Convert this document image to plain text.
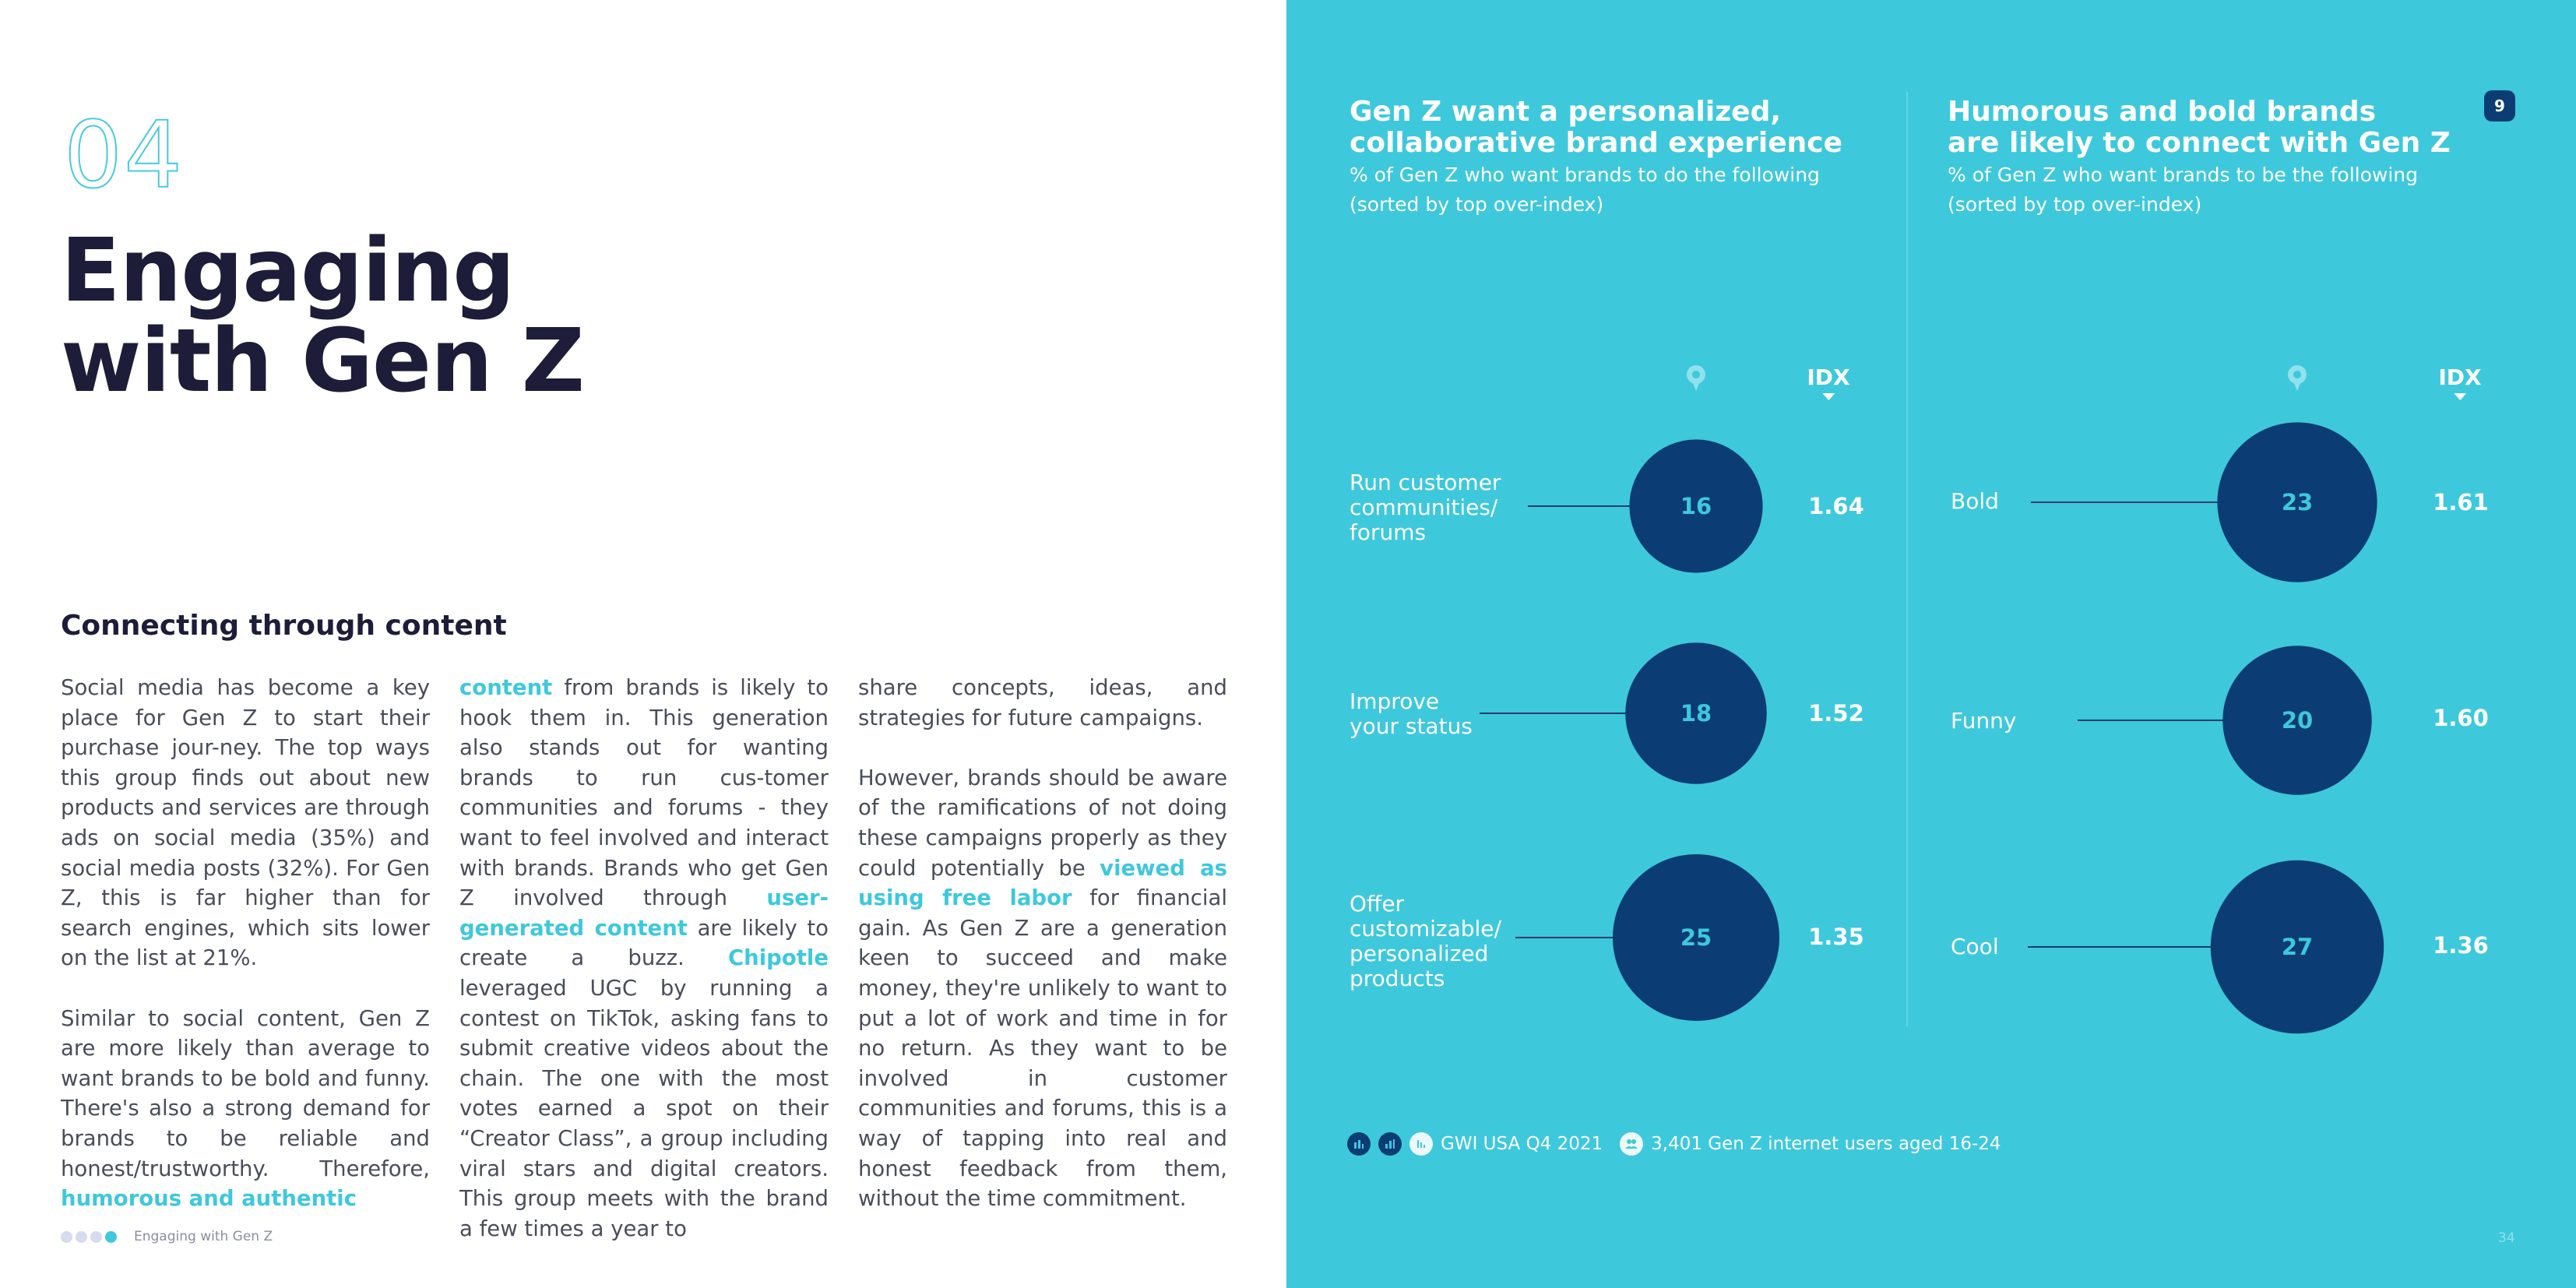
04
Engaging
with Gen Z
Connecting through content

Social media has become a key place for Gen Z to start their purchase jour-ney. The top ways this group finds out about new products and services are through ads on social media (35%) and social media posts (32%). For Gen Z, this is far higher than for search engines, which sits lower on the list at 21%.

Similar to social content, Gen Z are more likely than average to want brands to be bold and funny. There's also a strong demand for brands to be reliable and honest/trustworthy. Therefore, humorous and authentic

content from brands is likely to hook them in. This generation also stands out for wanting brands to run cus-tomer communities and forums - they want to feel involved and interact with brands. Brands who get Gen Z involved through user-generated content are likely to create a buzz. Chipotle leveraged UGC by running a contest on TikTok, asking fans to submit creative videos about the chain. The one with the most votes earned a spot on their “Creator Class”, a group including viral stars and digital creators. This group meets with the brand a few times a year to

share concepts, ideas, and strategies for future campaigns.

However, brands should be aware of the ramifications of not doing these campaigns properly as they could potentially be viewed as using free labor for financial gain. As Gen Z are a generation keen to succeed and make money, they're unlikely to want to put a lot of work and time in for no return. As they want to be involved in customer communities and forums, this is a way of tapping into real and honest feedback from them, without the time commitment.

Engaging with Gen Z
Gen Z want a personalized,
collaborative brand experience
% of Gen Z who want brands to do the following
(sorted by top over-index)
Humorous and bold brands
are likely to connect with Gen Z
% of Gen Z who want brands to be the following
(sorted by top over-index)
9
IDX	IDX
Run customer
communities/
forums
Improve
your status
Offer
customizable/
personalized
products
Bold
Funny
Cool
16
18
25
1.64
1.52
1.35
23
20
27
1.61
1.60
1.36
GWI USA Q4 2021	3,401 Gen Z internet users aged 16-24
34
